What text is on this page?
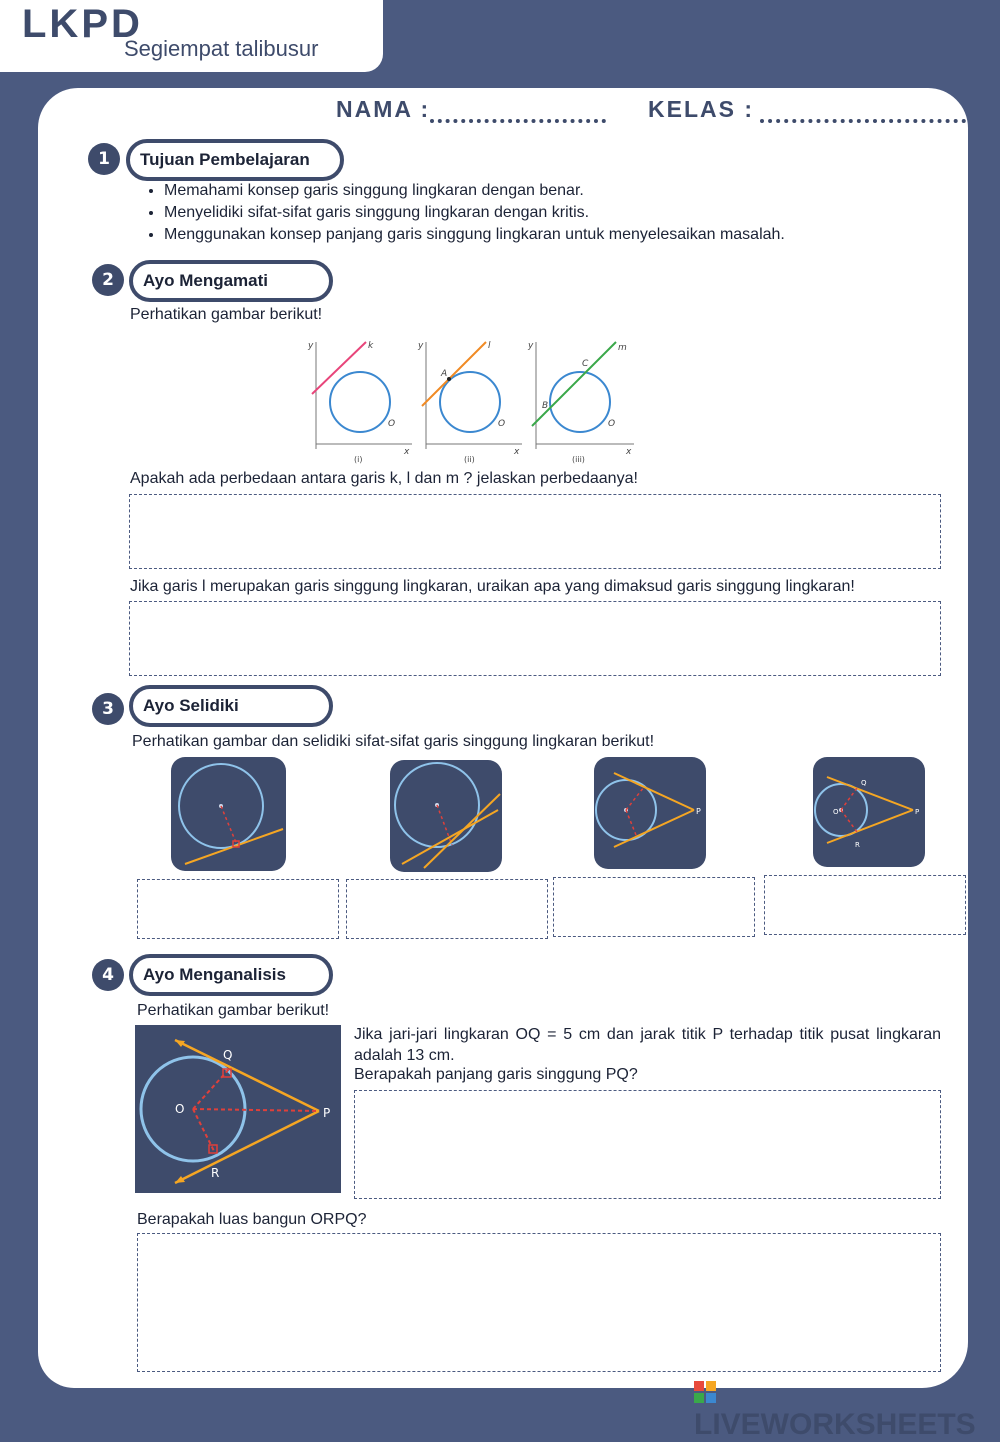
LKPD
Segiempat talibusur
NAMA :	KELAS :
1	Tujuan Pembelajaran
• Memahami konsep garis singgung lingkaran dengan benar.
• Menyelidiki sifat-sifat garis singgung lingkaran dengan kritis.
• Menggunakan konsep panjang garis singgung lingkaran untuk menyelesaikan masalah.
2	Ayo Mengamati
Perhatikan gambar berikut!
y
x
k
O
(i)
y
x
A
l
O
(ii)
y
x
B
C
m
O
(iii)
Apakah ada perbedaan antara garis k, l dan m ? jelaskan perbedaanya!
Jika garis l merupakan garis singgung lingkaran, uraikan apa yang dimaksud garis singgung lingkaran!
3	Ayo Selidiki
Perhatikan gambar dan selidiki sifat-sifat garis singgung lingkaran berikut!
P	O
Q
R
P
4	Ayo Menganalisis
Perhatikan gambar berikut!
O
Q
R
P
Jika jari-jari lingkaran OQ = 5 cm dan jarak titik P terhadap titik pusat lingkaran adalah 13 cm.
Berapakah panjang garis singgung PQ?
Berapakah luas bangun ORPQ?
LIVEWORKSHEETS
